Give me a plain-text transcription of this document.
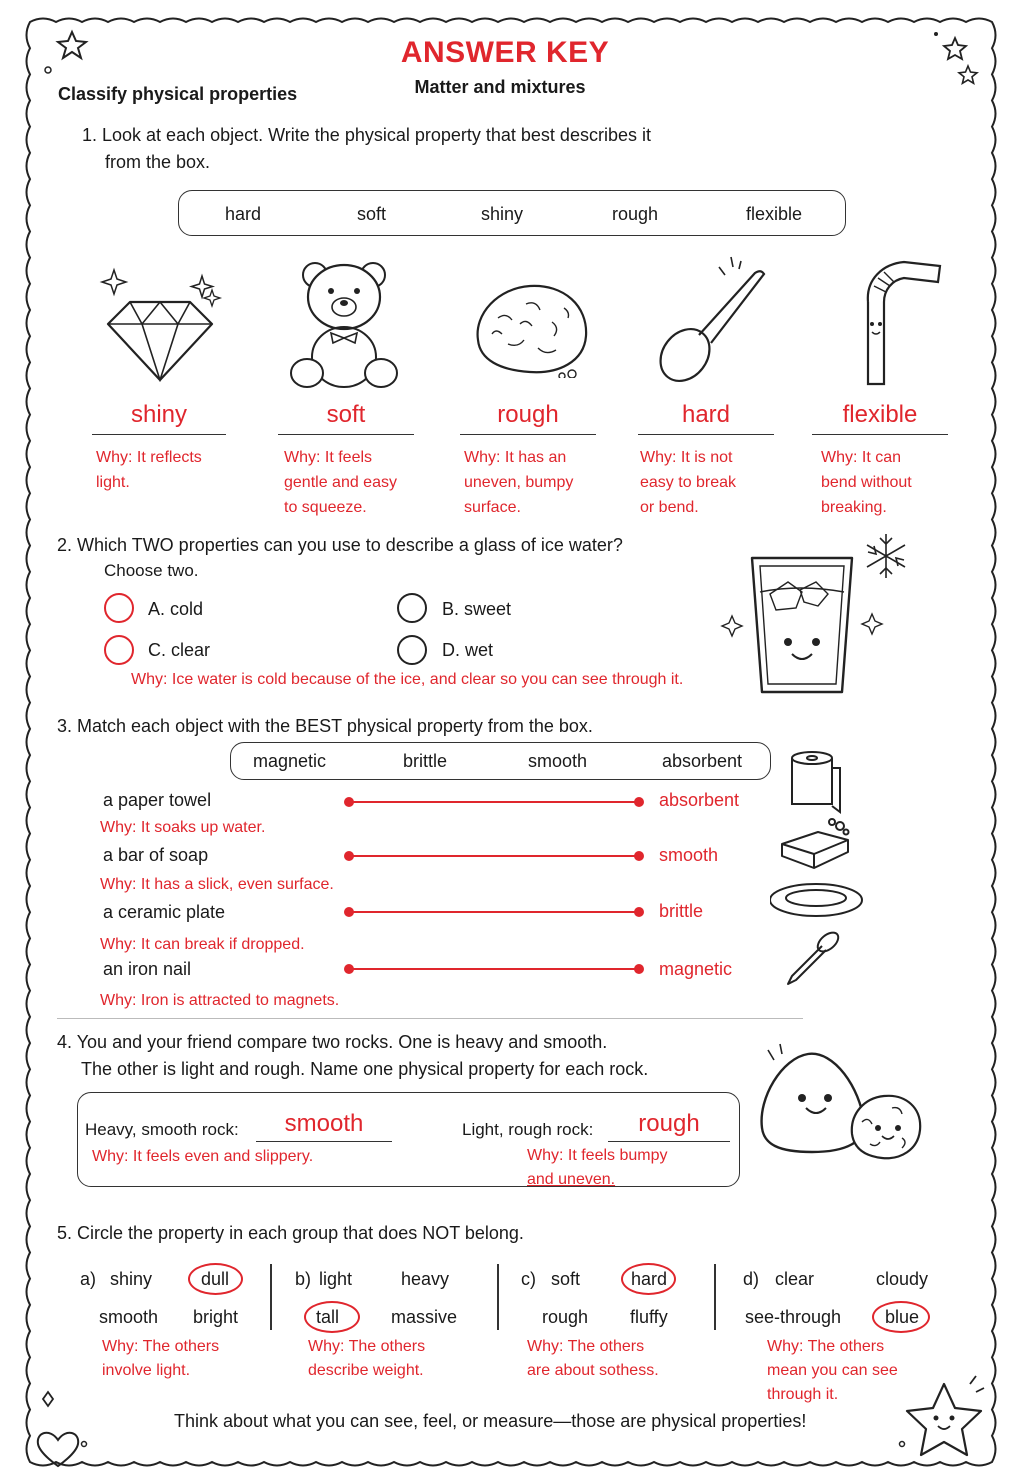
ANSWER KEY
Matter and mixtures
Classify physical properties
1. Look at each object. Write the physical property that best describes it
from the box.
hard	soft	shiny	rough	flexible
shiny	soft	rough	hard	flexible
Why: It reflects
light.
Why: It feels
gentle and easy
to squeeze.
Why: It has an
uneven, bumpy
surface.
Why: It is not
easy to break
or bend.
Why: It can
bend without
breaking.
2. Which TWO properties can you use to describe a glass of ice water?
Choose two.
A. cold	B. sweet
C. clear	D. wet
Why: Ice water is cold because of the ice, and clear so you can see through it.
3. Match each object with the BEST physical property from the box.
magnetic	brittle	smooth	absorbent
a paper towel	absorbent
Why: It soaks up water.
a bar of soap	smooth
Why: It has a slick, even surface.
a ceramic plate	brittle
Why: It can break if dropped.
an iron nail	magnetic
Why: Iron is attracted to magnets.
4. You and your friend compare two rocks. One is heavy and smooth.
The other is light and rough. Name one physical property for each rock.
Heavy, smooth rock:	smooth
Why: It feels even and slippery.
Light, rough rock:	rough
Why: It feels bumpy
and uneven.
5. Circle the property in each group that does NOT belong.
a) shiny	dull
smooth bright
Why: The others
involve light.
b) light	heavy
tall	massive
Why: The others
describe weight.
c) soft	hard
rough fluffy
Why: The others
are about sothess.
d) clear	cloudy
see-through blue
Why: The others
mean you can see
through it.
Think about what you can see, feel, or measure—those are physical properties!
